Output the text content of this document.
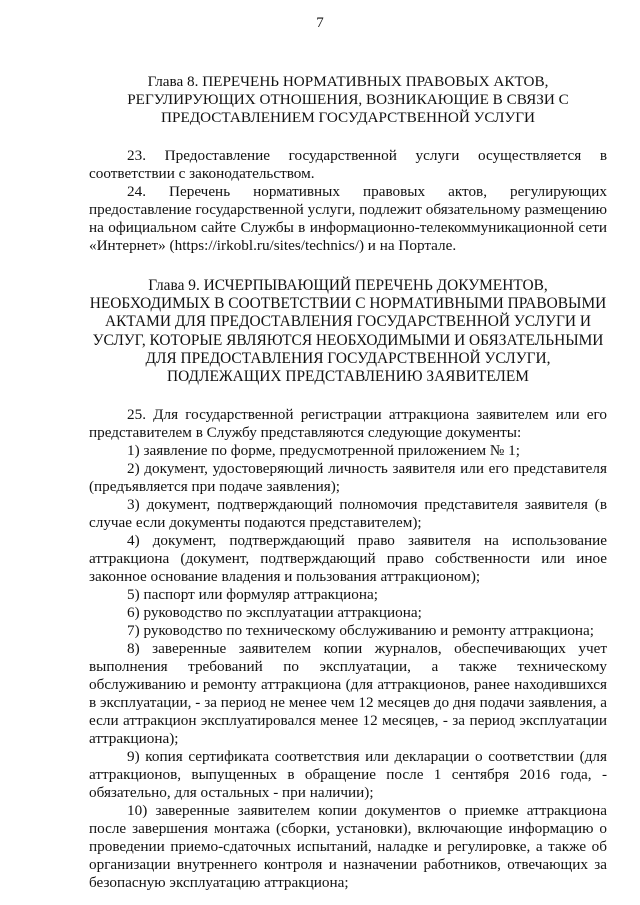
7

Глава 8. ПЕРЕЧЕНЬ НОРМАТИВНЫХ ПРАВОВЫХ АКТОВ, РЕГУЛИРУЮЩИХ ОТНОШЕНИЯ, ВОЗНИКАЮЩИЕ В СВЯЗИ С ПРЕДОСТАВЛЕНИЕМ ГОСУДАРСТВЕННОЙ УСЛУГИ

23. Предоставление государственной услуги осуществляется в соответствии с законодательством.

24. Перечень нормативных правовых актов, регулирующих предоставление государственной услуги, подлежит обязательному размещению на официальном сайте Службы в информационно-телекоммуникационной сети «Интернет» (https://irkobl.ru/sites/technics/) и на Портале.

Глава 9. ИСЧЕРПЫВАЮЩИЙ ПЕРЕЧЕНЬ ДОКУМЕНТОВ, НЕОБХОДИМЫХ В СООТВЕТСТВИИ С НОРМАТИВНЫМИ ПРАВОВЫМИ АКТАМИ ДЛЯ ПРЕДОСТАВЛЕНИЯ ГОСУДАРСТВЕННОЙ УСЛУГИ И УСЛУГ, КОТОРЫЕ ЯВЛЯЮТСЯ НЕОБХОДИМЫМИ И ОБЯЗАТЕЛЬНЫМИ ДЛЯ ПРЕДОСТАВЛЕНИЯ ГОСУДАРСТВЕННОЙ УСЛУГИ, ПОДЛЕЖАЩИХ ПРЕДСТАВЛЕНИЮ ЗАЯВИТЕЛЕМ

25. Для государственной регистрации аттракциона заявителем или его представителем в Службу представляются следующие документы:

1) заявление по форме, предусмотренной приложением № 1;

2) документ, удостоверяющий личность заявителя или его представителя (предъявляется при подаче заявления);

3) документ, подтверждающий полномочия представителя заявителя (в случае если документы подаются представителем);

4) документ, подтверждающий право заявителя на использование аттракциона (документ, подтверждающий право собственности или иное законное основание владения и пользования аттракционом);

5) паспорт или формуляр аттракциона;

6) руководство по эксплуатации аттракциона;

7) руководство по техническому обслуживанию и ремонту аттракциона;

8) заверенные заявителем копии журналов, обеспечивающих учет выполнения требований по эксплуатации, а также техническому обслуживанию и ремонту аттракциона (для аттракционов, ранее находившихся в эксплуатации, - за период не менее чем 12 месяцев до дня подачи заявления, а если аттракцион эксплуатировался менее 12 месяцев, - за период эксплуатации аттракциона);

9) копия сертификата соответствия или декларации о соответствии (для аттракционов, выпущенных в обращение после 1 сентября 2016 года, - обязательно, для остальных - при наличии);

10) заверенные заявителем копии документов о приемке аттракциона после завершения монтажа (сборки, установки), включающие информацию о проведении приемо-сдаточных испытаний, наладке и регулировке, а также об организации внутреннего контроля и назначении работников, отвечающих за безопасную эксплуатацию аттракциона;
